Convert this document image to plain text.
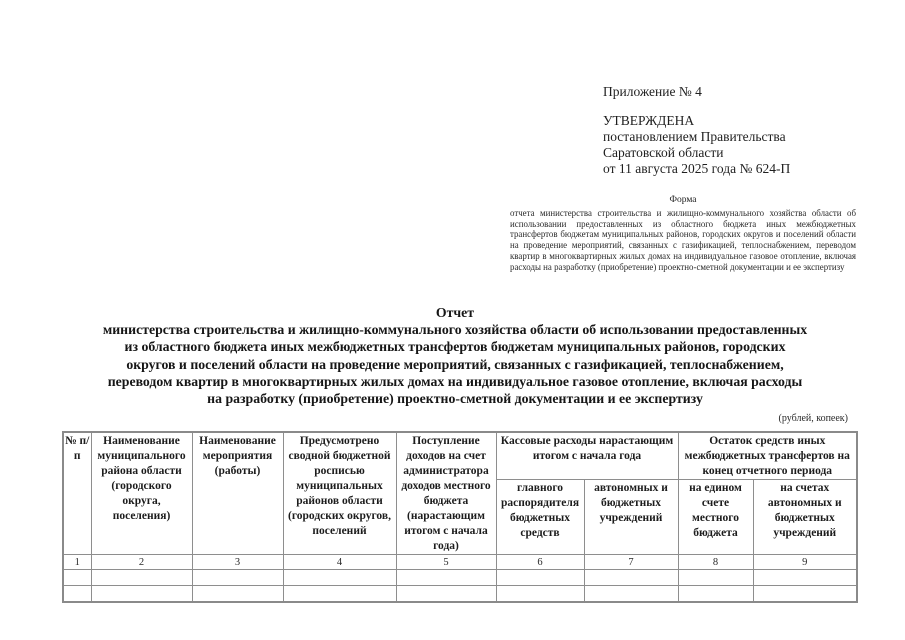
Приложение № 4
УТВЕРЖДЕНА
постановлением Правительства
Саратовской области
от 11 августа 2025 года № 624-П
Форма
отчета министерства строительства и жилищно-коммунального хозяйства области об использовании предоставленных из областного бюджета иных межбюджетных трансфертов бюджетам муниципальных районов, городских округов и поселений области на проведение мероприятий, связанных с газификацией, теплоснабжением, переводом квартир в многоквартирных жилых домах на индивидуальное газовое отопление, включая расходы на разработку (приобретение) проектно-сметной документации и ее экспертизу
Отчет
министерства строительства и жилищно-коммунального хозяйства области об использовании предоставленных
из областного бюджета иных межбюджетных трансфертов бюджетам муниципальных районов, городских
округов и поселений области на проведение мероприятий, связанных с газификацией, теплоснабжением,
переводом квартир в многоквартирных жилых домах на индивидуальное газовое отопление, включая расходы
на разработку (приобретение) проектно-сметной документации и ее экспертизу
(рублей, копеек)
№ п/п	Наименование муниципального района области (городского округа, поселения)	Наименование мероприятия (работы)	Предусмотрено сводной бюджетной росписью муниципальных районов области (городских округов, поселений	Поступление доходов на счет администратора доходов местного бюджета (нарастающим итогом с начала года)	Кассовые расходы нарастающим итогом с начала года		Остаток средств иных межбюджетных трансфертов на конец отчетного периода	
					главного распорядителя бюджетных средств	автономных и бюджетных учреждений	на едином счете местного бюджета	на счетах автономных и бюджетных учреждений
1	2	3	4	5	6	7	8	9
